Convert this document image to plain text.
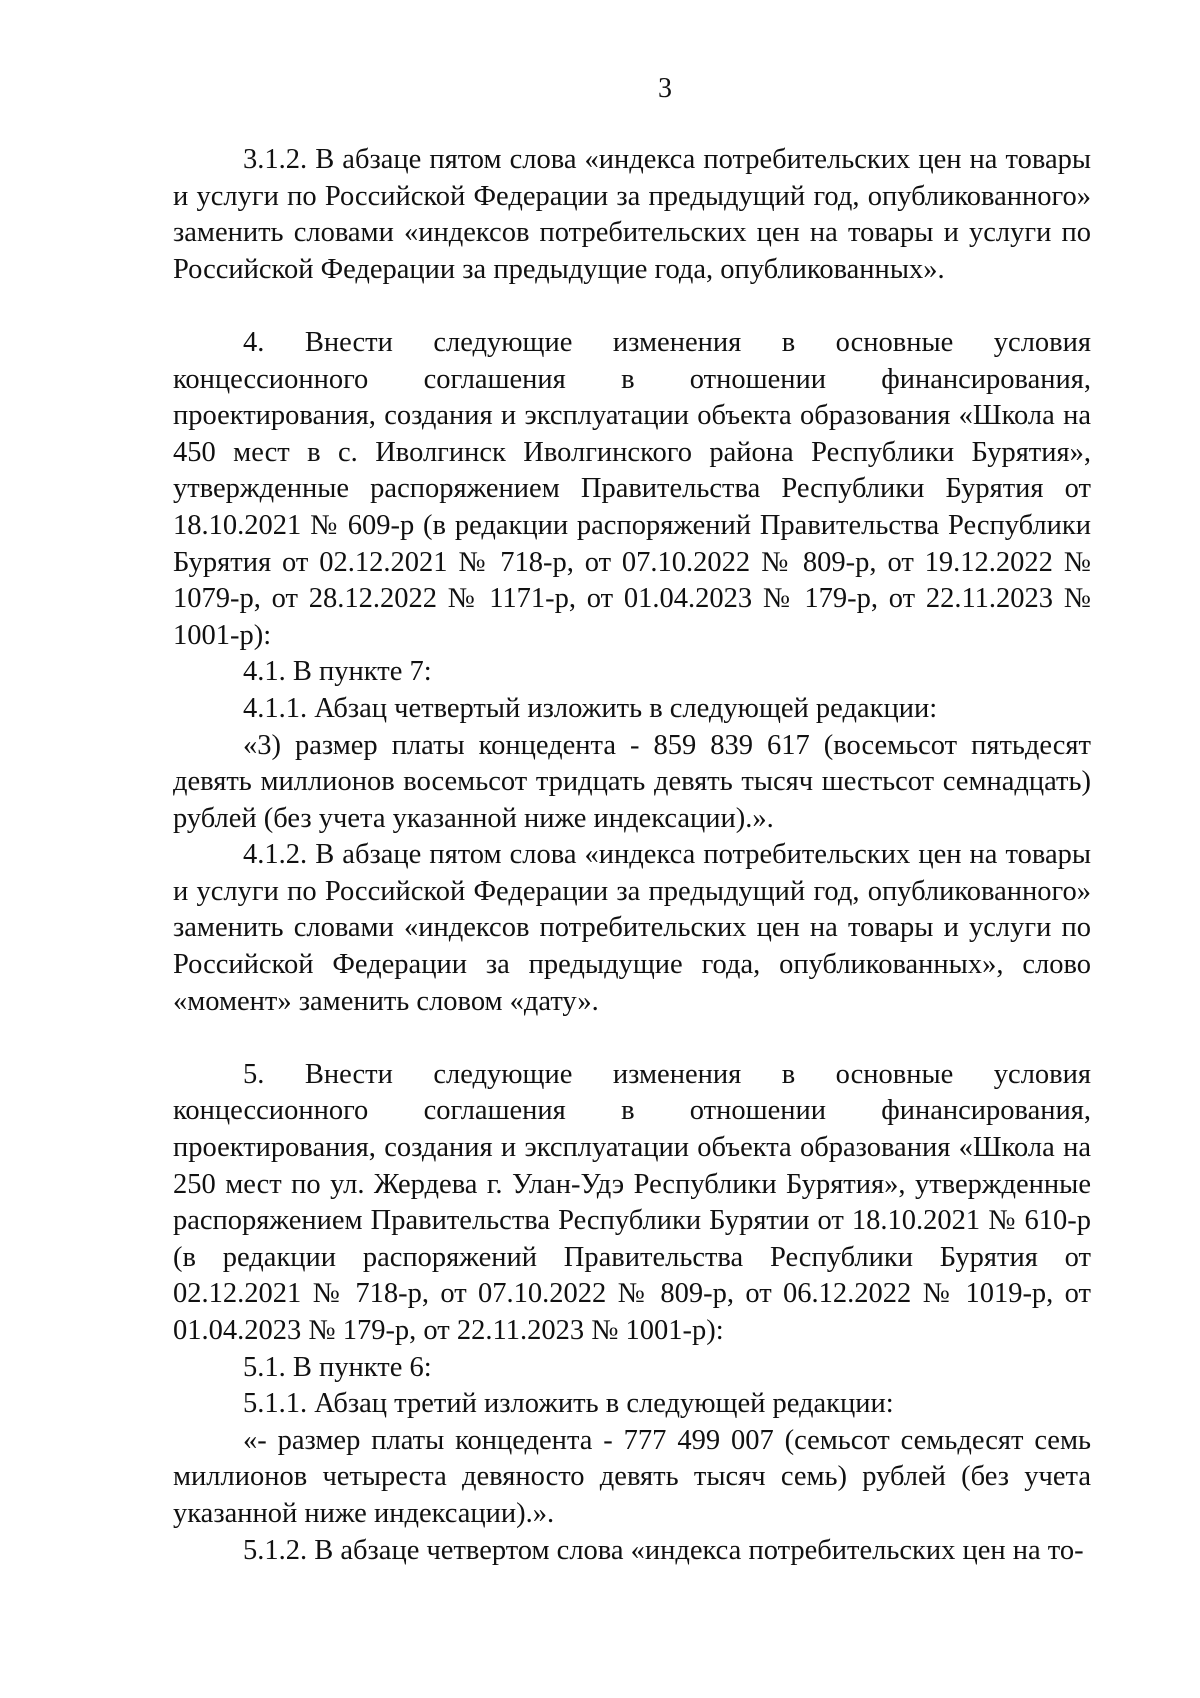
3

3.1.2. В абзаце пятом слова «индекса потребительских цен на товары и услуги по Российской Федерации за предыдущий год, опубликованного» заменить словами «индексов потребительских цен на товары и услуги по Российской Федерации за предыдущие года, опубликованных».

4. Внести следующие изменения в основные условия концессионного соглашения в отношении финансирования, проектирования, создания и эксплуатации объекта образования «Школа на 450 мест в с. Иволгинск Иволгинского района Республики Бурятия», утвержденные распоряжением Правительства Республики Бурятия от 18.10.2021 № 609-р (в редакции распоряжений Правительства Республики Бурятия от 02.12.2021 № 718-р, от 07.10.2022 № 809-р, от 19.12.2022 № 1079-р, от 28.12.2022 № 1171-р, от 01.04.2023 № 179-р, от 22.11.2023 № 1001-р):

4.1. В пункте 7:

4.1.1. Абзац четвертый изложить в следующей редакции:

«3) размер платы концедента - 859 839 617 (восемьсот пятьдесят девять миллионов восемьсот тридцать девять тысяч шестьсот семнадцать) рублей (без учета указанной ниже индексации).».

4.1.2. В абзаце пятом слова «индекса потребительских цен на товары и услуги по Российской Федерации за предыдущий год, опубликованного» заменить словами «индексов потребительских цен на товары и услуги по Российской Федерации за предыдущие года, опубликованных», слово «момент» заменить словом «дату».

5. Внести следующие изменения в основные условия концессионного соглашения в отношении финансирования, проектирования, создания и эксплуатации объекта образования «Школа на 250 мест по ул. Жердева г. Улан-Удэ Республики Бурятия», утвержденные распоряжением Правительства Республики Бурятии от 18.10.2021 № 610-р (в редакции распоряжений Правительства Республики Бурятия от 02.12.2021 № 718-р, от 07.10.2022 № 809-р, от 06.12.2022 № 1019-р, от 01.04.2023 № 179-р, от 22.11.2023 № 1001-р):

5.1. В пункте 6:

5.1.1. Абзац третий изложить в следующей редакции:

«- размер платы концедента - 777 499 007 (семьсот семьдесят семь миллионов четыреста девяносто девять тысяч семь) рублей (без учета указанной ниже индексации).».

5.1.2. В абзаце четвертом слова «индекса потребительских цен на то-
